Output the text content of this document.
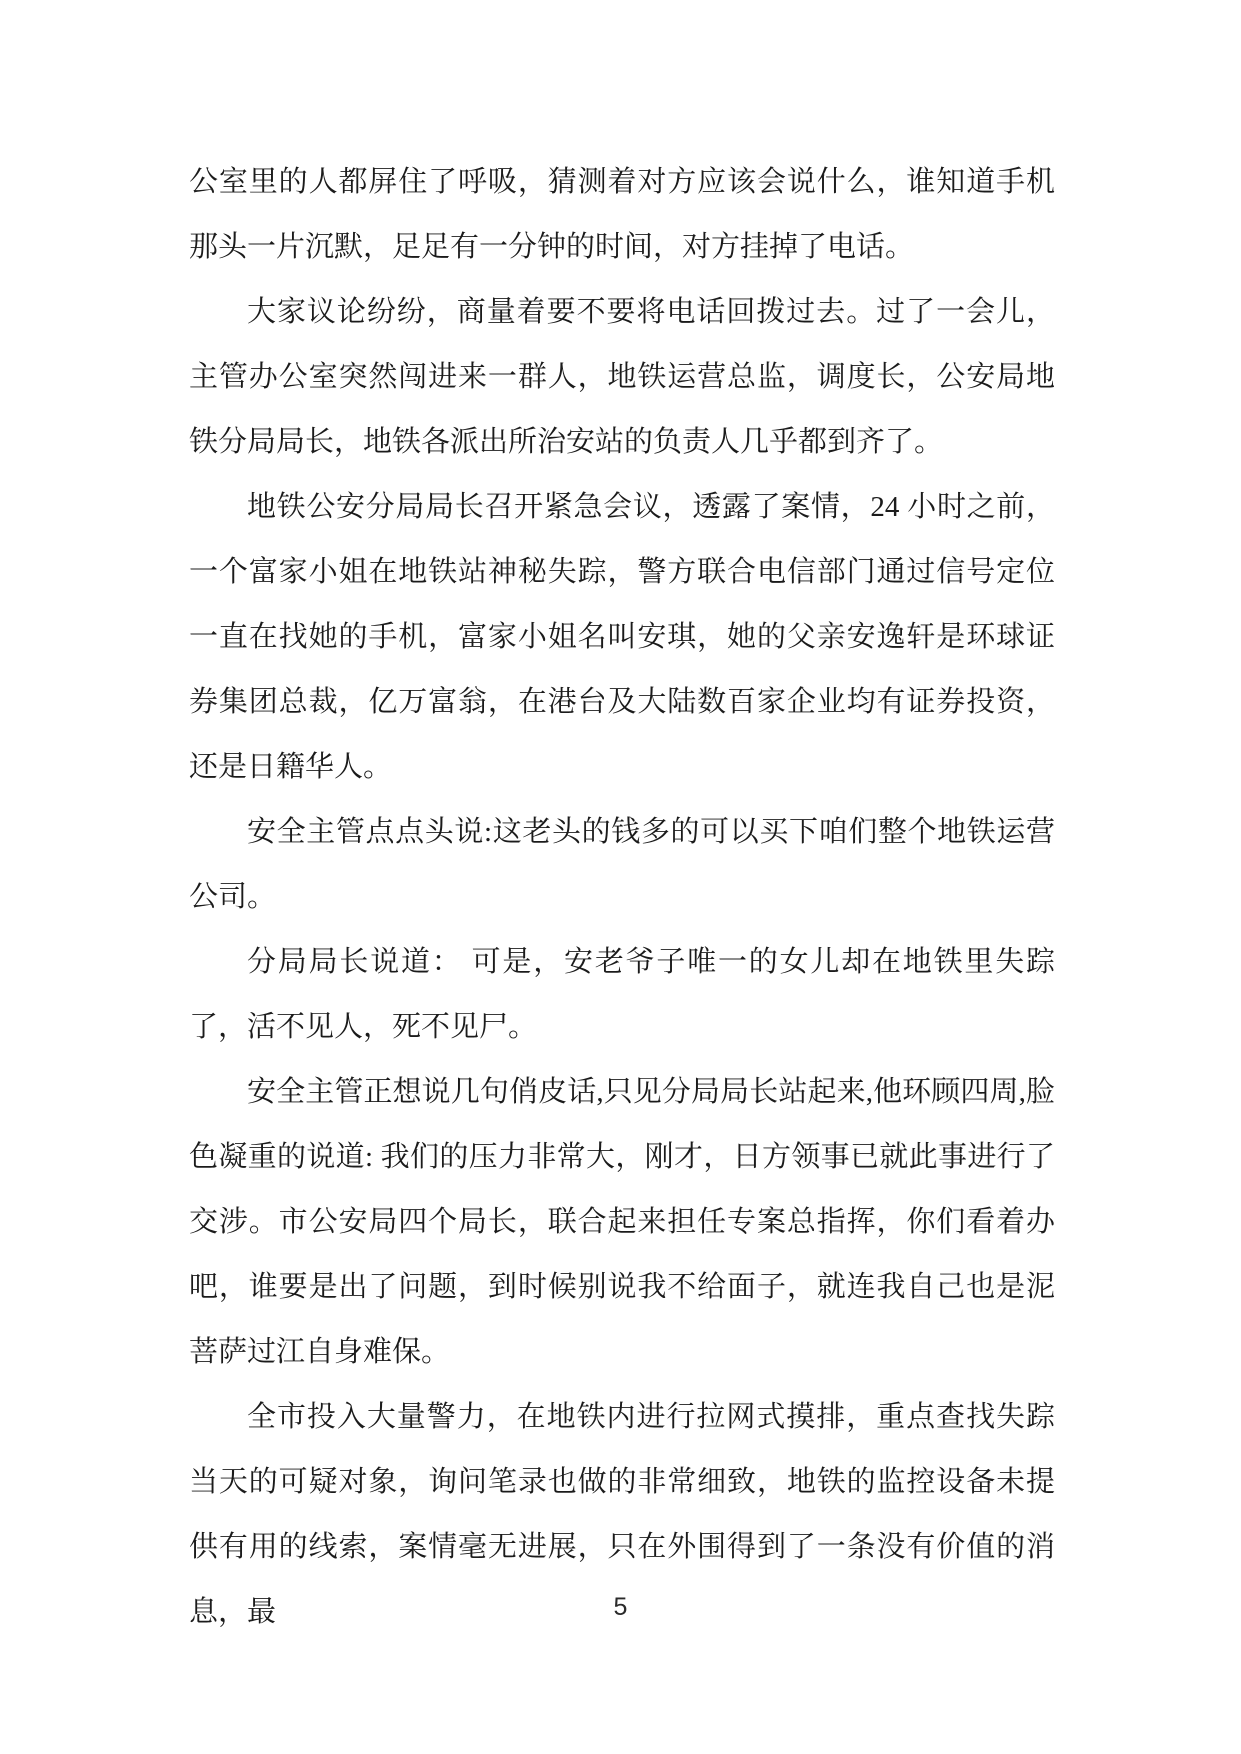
公室里的人都屏住了呼吸，猜测着对方应该会说什么，谁知道手机那头一片沉默，足足有一分钟的时间，对方挂掉了电话。

大家议论纷纷，商量着要不要将电话回拨过去。过了一会儿，主管办公室突然闯进来一群人，地铁运营总监，调度长，公安局地铁分局局长，地铁各派出所治安站的负责人几乎都到齐了。

地铁公安分局局长召开紧急会议，透露了案情，24 小时之前，一个富家小姐在地铁站神秘失踪，警方联合电信部门通过信号定位一直在找她的手机，富家小姐名叫安琪，她的父亲安逸轩是环球证券集团总裁，亿万富翁，在港台及大陆数百家企业均有证券投资，还是日籍华人。

安全主管点点头说:这老头的钱多的可以买下咱们整个地铁运营公司。

分局局长说道： 可是，安老爷子唯一的女儿却在地铁里失踪了，活不见人，死不见尸。

安全主管正想说几句俏皮话,只见分局局长站起来,他环顾四周,脸色凝重的说道: 我们的压力非常大，刚才，日方领事已就此事进行了交涉。市公安局四个局长，联合起来担任专案总指挥，你们看着办吧，谁要是出了问题，到时候别说我不给面子，就连我自己也是泥菩萨过江自身难保。

全市投入大量警力，在地铁内进行拉网式摸排，重点查找失踪当天的可疑对象，询问笔录也做的非常细致，地铁的监控设备未提供有用的线索，案情毫无进展，只在外围得到了一条没有价值的消息，最	5
